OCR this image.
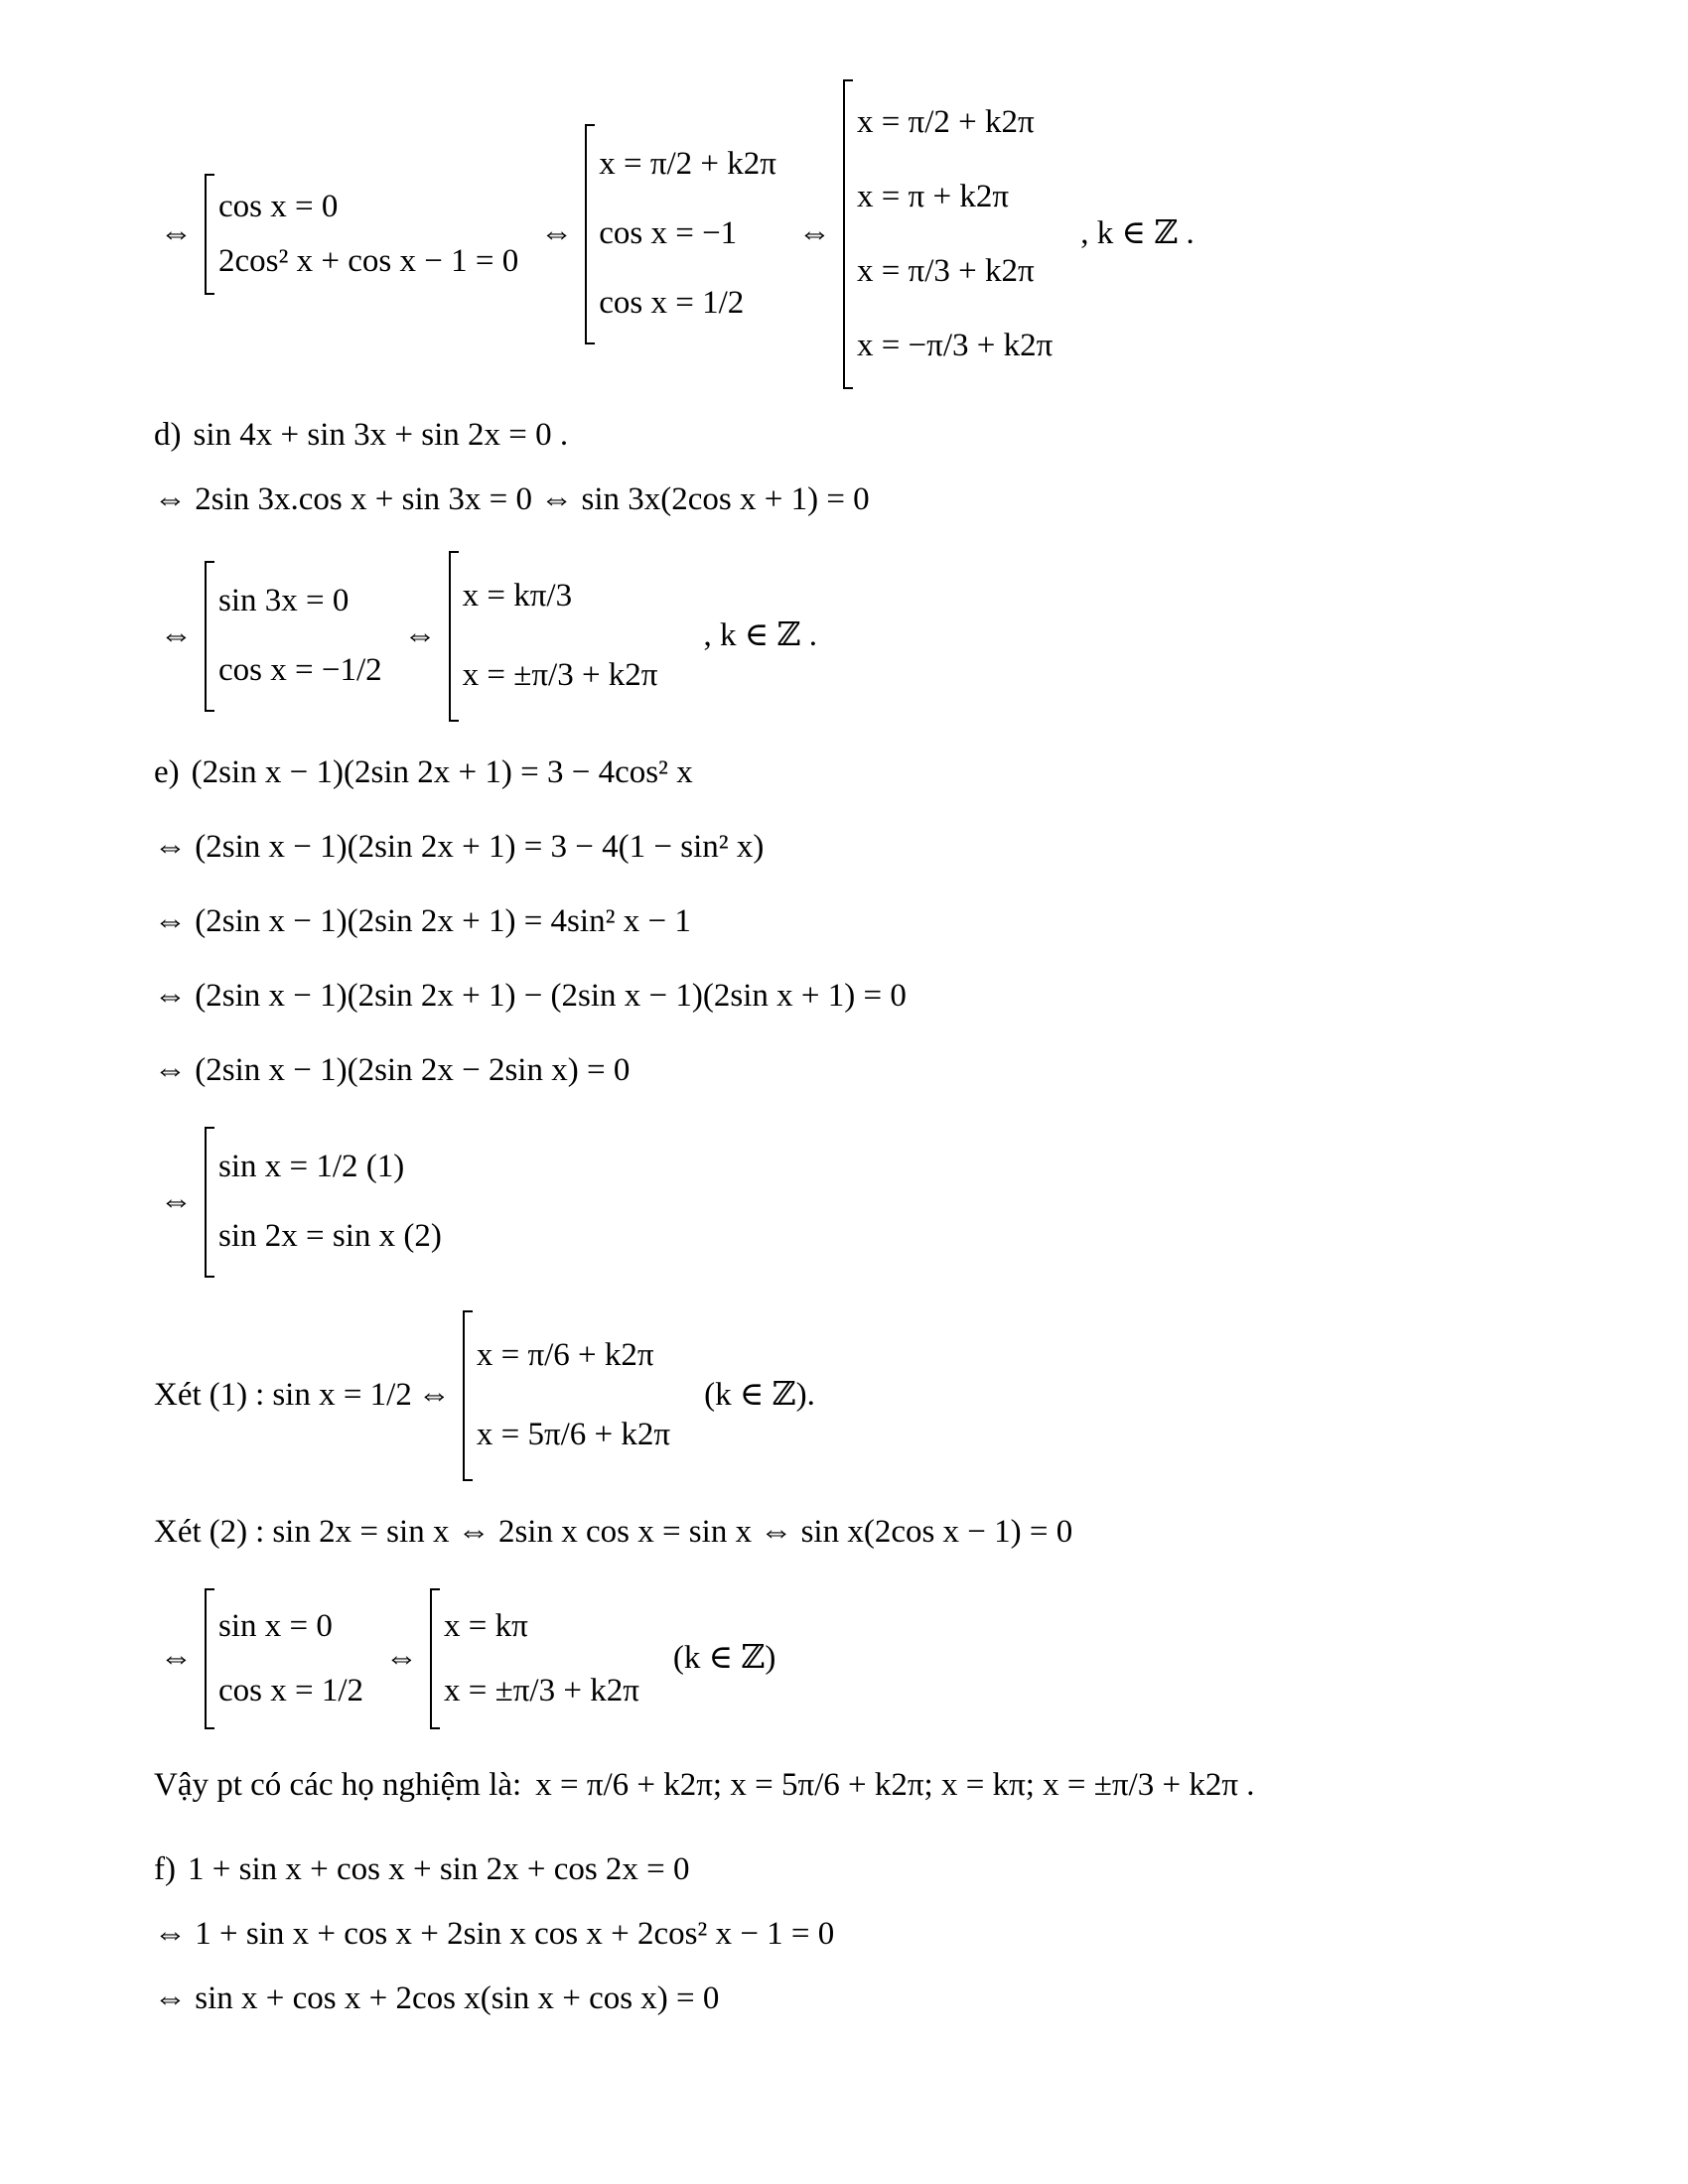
⇔
cos x = 0
2cos² x + cos x − 1 = 0
⇔
x = π/2 + k2π
cos x = −1
cos x = 1/2
⇔
x = π/2 + k2π
x = π + k2π
x = π/3 + k2π
x = −π/3 + k2π
, k ∈ ℤ .
d) sin 4x + sin 3x + sin 2x = 0 .
⇔ 2sin 3x.cos x + sin 3x = 0 ⇔ sin 3x(2cos x + 1) = 0
⇔
sin 3x = 0
cos x = −1/2
⇔
x = kπ/3
x = ±π/3 + k2π
, k ∈ ℤ .
e) (2sin x − 1)(2sin 2x + 1) = 3 − 4cos² x
⇔ (2sin x − 1)(2sin 2x + 1) = 3 − 4(1 − sin² x)
⇔ (2sin x − 1)(2sin 2x + 1) = 4sin² x − 1
⇔ (2sin x − 1)(2sin 2x + 1) − (2sin x − 1)(2sin x + 1) = 0
⇔ (2sin x − 1)(2sin 2x − 2sin x) = 0
⇔
sin x = 1/2 (1)
sin 2x = sin x (2)
Xét (1) : sin x = 1/2 ⇔
x = π/6 + k2π
x = 5π/6 + k2π
(k ∈ ℤ).
Xét (2) : sin 2x = sin x ⇔ 2sin x cos x = sin x ⇔ sin x(2cos x − 1) = 0
⇔
sin x = 0
cos x = 1/2
⇔
x = kπ
x = ±π/3 + k2π
(k ∈ ℤ)
Vậy pt có các họ nghiệm là: x = π/6 + k2π; x = 5π/6 + k2π; x = kπ; x = ±π/3 + k2π .
f) 1 + sin x + cos x + sin 2x + cos 2x = 0
⇔ 1 + sin x + cos x + 2sin x cos x + 2cos² x − 1 = 0
⇔ sin x + cos x + 2cos x(sin x + cos x) = 0
